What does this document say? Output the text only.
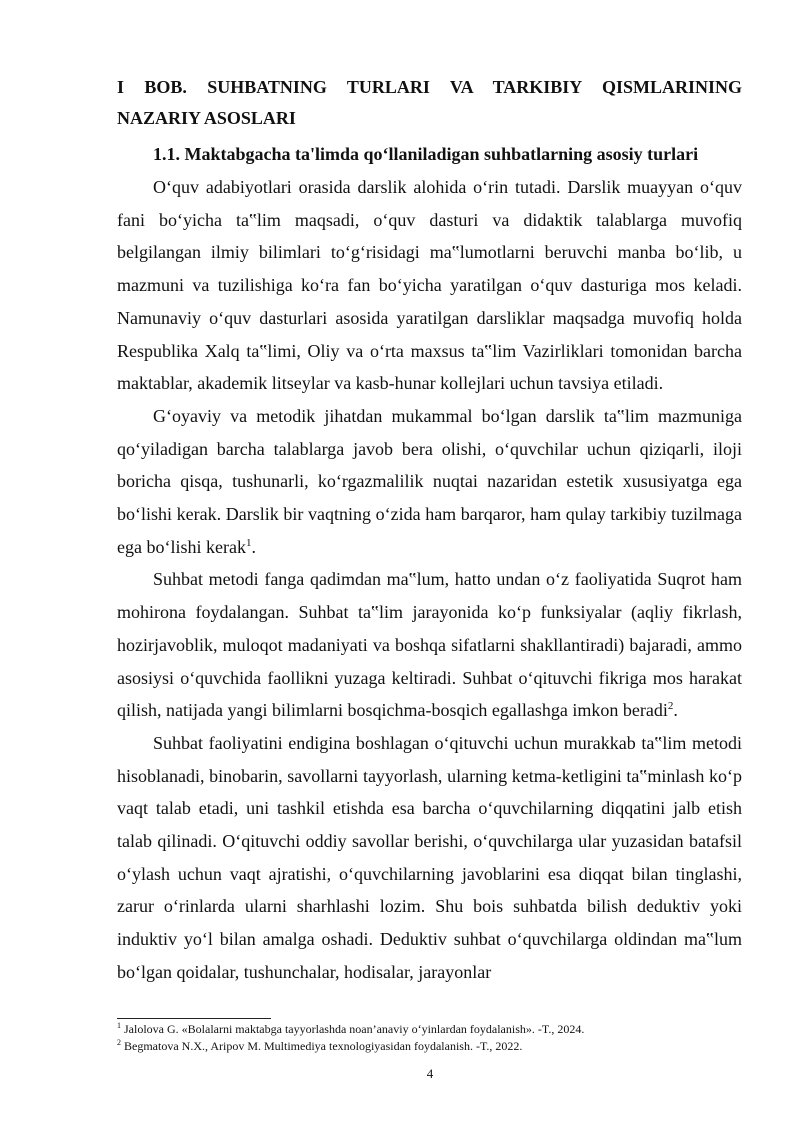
I BOB. SUHBATNING TURLARI VA TARKIBIY QISMLARINING
NAZARIY ASOSLARI
1.1. Maktabgacha ta'limda qo‘llaniladigan suhbatlarning asosiy turlari

O‘quv adabiyotlari orasida darslik alohida o‘rin tutadi. Darslik muayyan o‘quv fani bo‘yicha ta‟lim maqsadi, o‘quv dasturi va didaktik talablarga muvofiq belgilangan ilmiy bilimlari to‘g‘risidagi ma‟lumotlarni beruvchi manba bo‘lib, u mazmuni va tuzilishiga ko‘ra fan bo‘yicha yaratilgan o‘quv dasturiga mos keladi. Namunaviy o‘quv dasturlari asosida yaratilgan darsliklar maqsadga muvofiq holda Respublika Xalq ta‟limi, Oliy va o‘rta maxsus ta‟lim Vazirliklari tomonidan barcha maktablar, akademik litseylar va kasb-hunar kollejlari uchun tavsiya etiladi.

G‘oyaviy va metodik jihatdan mukammal bo‘lgan darslik ta‟lim mazmuniga qo‘yiladigan barcha talablarga javob bera olishi, o‘quvchilar uchun qiziqarli, iloji boricha qisqa, tushunarli, ko‘rgazmalilik nuqtai nazaridan estetik xususiyatga ega bo‘lishi kerak. Darslik bir vaqtning o‘zida ham barqaror, ham qulay tarkibiy tuzilmaga ega bo‘lishi kerak$^1$.

Suhbat metodi fanga qadimdan ma‟lum, hatto undan o‘z faoliyatida Suqrot ham mohirona foydalangan. Suhbat ta‟lim jarayonida ko‘p funksiyalar (aqliy fikrlash, hozirjavoblik, muloqot madaniyati va boshqa sifatlarni shakllantiradi) bajaradi, ammo asosiysi o‘quvchida faollikni yuzaga keltiradi. Suhbat o‘qituvchi fikriga mos harakat qilish, natijada yangi bilimlarni bosqichma-bosqich egallashga imkon beradi$^2$.

Suhbat faoliyatini endigina boshlagan o‘qituvchi uchun murakkab ta‟lim metodi hisoblanadi, binobarin, savollarni tayyorlash, ularning ketma-ketligini ta‟minlash ko‘p vaqt talab etadi, uni tashkil etishda esa barcha o‘quvchilarning diqqatini jalb etish talab qilinadi. O‘qituvchi oddiy savollar berishi, o‘quvchilarga ular yuzasidan batafsil o‘ylash uchun vaqt ajratishi, o‘quvchilarning javoblarini esa diqqat bilan tinglashi, zarur o‘rinlarda ularni sharhlashi lozim. Shu bois suhbatda bilish deduktiv yoki induktiv yo‘l bilan amalga oshadi. Deduktiv suhbat o‘quvchilarga oldindan ma‟lum bo‘lgan qoidalar, tushunchalar, hodisalar, jarayonlar

$^1$ Jalolova G. «Bolalarni maktabga tayyorlashda noan’anaviy o‘yinlardan foydalanish». -T., 2024.
$^2$ Begmatova N.X., Aripov M. Multimediya texnologiyasidan foydalanish. -T., 2022.
4
